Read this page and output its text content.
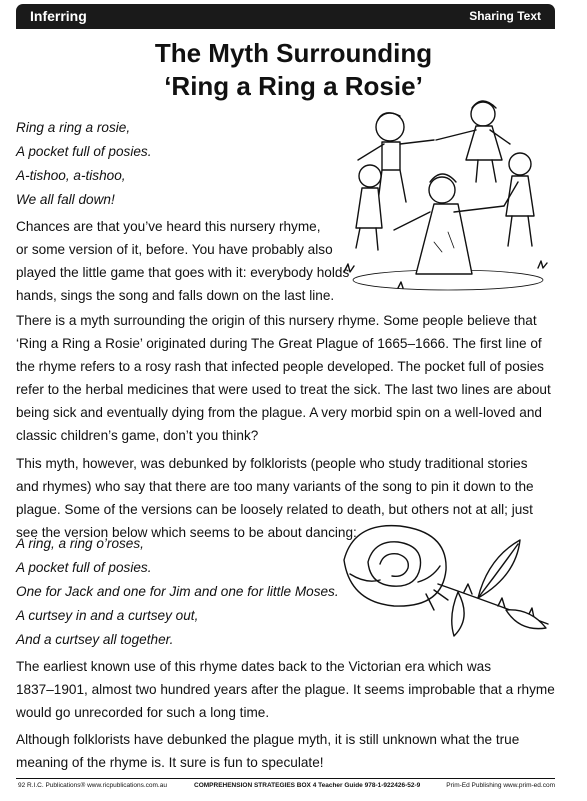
Inferring	Sharing Text
The Myth Surrounding
‘Ring a Ring a Rosie’
Ring a ring a rosie,
A pocket full of posies.
A-tishoo, a-tishoo,
We all fall down!
Chances are that you’ve heard this nursery rhyme,
or some version of it, before. You have probably also
played the little game that goes with it: everybody holds
hands, sings the song and falls down on the last line.
There is a myth surrounding the origin of this nursery rhyme. Some people believe that
‘Ring a Ring a Rosie’ originated during The Great Plague of 1665–1666. The first line of
the rhyme refers to a rosy rash that infected people developed. The pocket full of posies
refer to the herbal medicines that were used to treat the sick. The last two lines are about
being sick and eventually dying from the plague. A very morbid spin on a well-loved and
classic children’s game, don’t you think?
This myth, however, was debunked by folklorists (people who study traditional stories
and rhymes) who say that there are too many variants of the song to pin it down to the
plague. Some of the versions can be loosely related to death, but others not at all; just
see the version below which seems to be about dancing:
A ring, a ring o’roses,
A pocket full of posies.
One for Jack and one for Jim and one for little Moses.
A curtsey in and a curtsey out,
And a curtsey all together.
The earliest known use of this rhyme dates back to the Victorian era which was
1837–1901, almost two hundred years after the plague. It seems improbable that a rhyme
would go unrecorded for such a long time.
Although folklorists have debunked the plague myth, it is still unknown what the true
meaning of the rhyme is. It sure is fun to speculate!
92 R.I.C. Publications® www.ricpublications.com.au	COMPREHENSION STRATEGIES BOX 4 Teacher Guide 978-1-922426-52-9	Prim-Ed Publishing www.prim-ed.com
